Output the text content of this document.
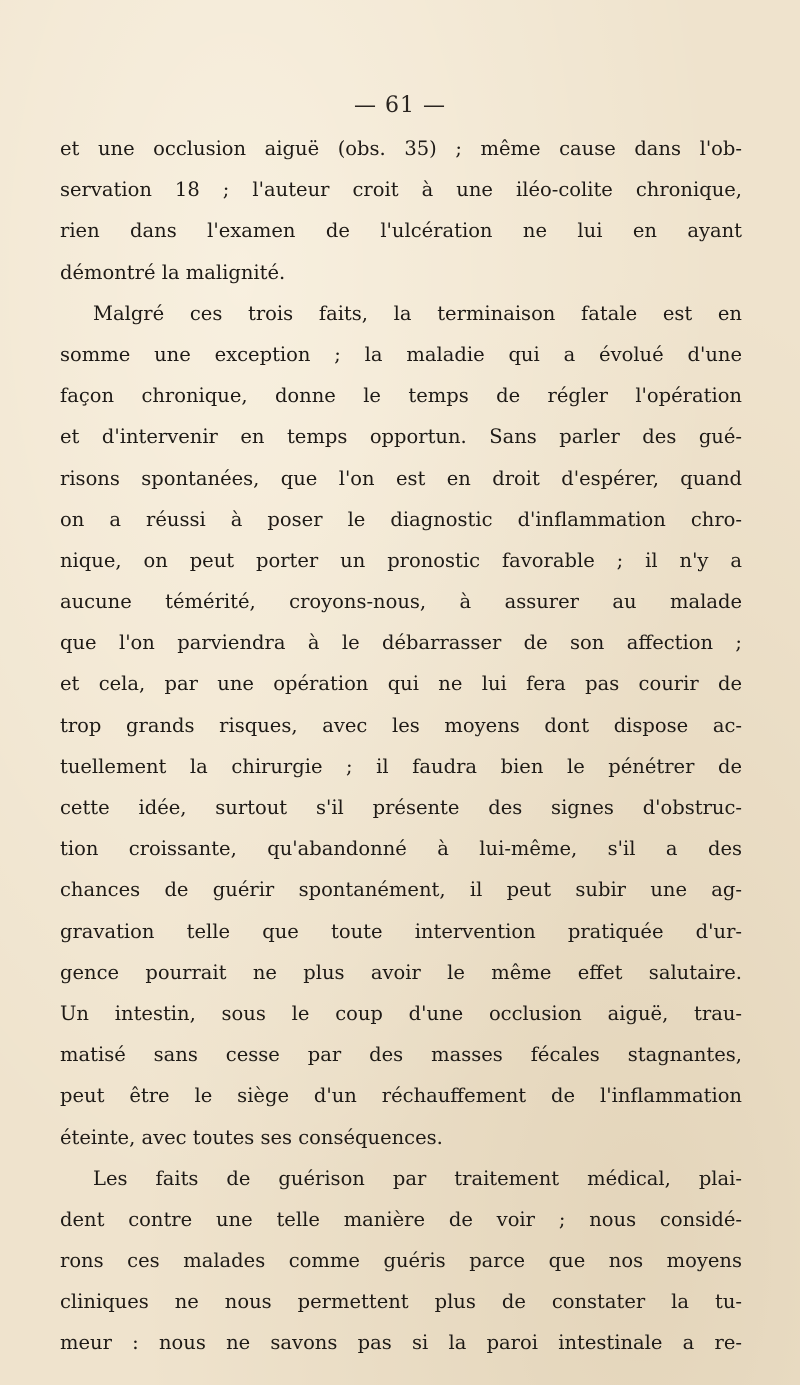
— 61 —
et une occlusion aiguë (obs. 35) ; même cause dans l'ob-
servation 18 ; l'auteur croit à une iléo-colite chronique,
rien dans l'examen de l'ulcération ne lui en ayant
démontré la malignité.
Malgré ces trois faits, la terminaison fatale est en
somme une exception ; la maladie qui a évolué d'une
façon chronique, donne le temps de régler l'opération
et d'intervenir en temps opportun. Sans parler des gué-
risons spontanées, que l'on est en droit d'espérer, quand
on a réussi à poser le diagnostic d'inflammation chro-
nique, on peut porter un pronostic favorable ; il n'y a
aucune témérité, croyons-nous, à assurer au malade
que l'on parviendra à le débarrasser de son affection ;
et cela, par une opération qui ne lui fera pas courir de
trop grands risques, avec les moyens dont dispose ac-
tuellement la chirurgie ; il faudra bien le pénétrer de
cette idée, surtout s'il présente des signes d'obstruc-
tion croissante, qu'abandonné à lui-même, s'il a des
chances de guérir spontanément, il peut subir une ag-
gravation telle que toute intervention pratiquée d'ur-
gence pourrait ne plus avoir le même effet salutaire.
Un intestin, sous le coup d'une occlusion aiguë, trau-
matisé sans cesse par des masses fécales stagnantes,
peut être le siège d'un réchauffement de l'inflammation
éteinte, avec toutes ses conséquences.
Les faits de guérison par traitement médical, plai-
dent contre une telle manière de voir ; nous considé-
rons ces malades comme guéris parce que nos moyens
cliniques ne nous permettent plus de constater la tu-
meur : nous ne savons pas si la paroi intestinale a re-
